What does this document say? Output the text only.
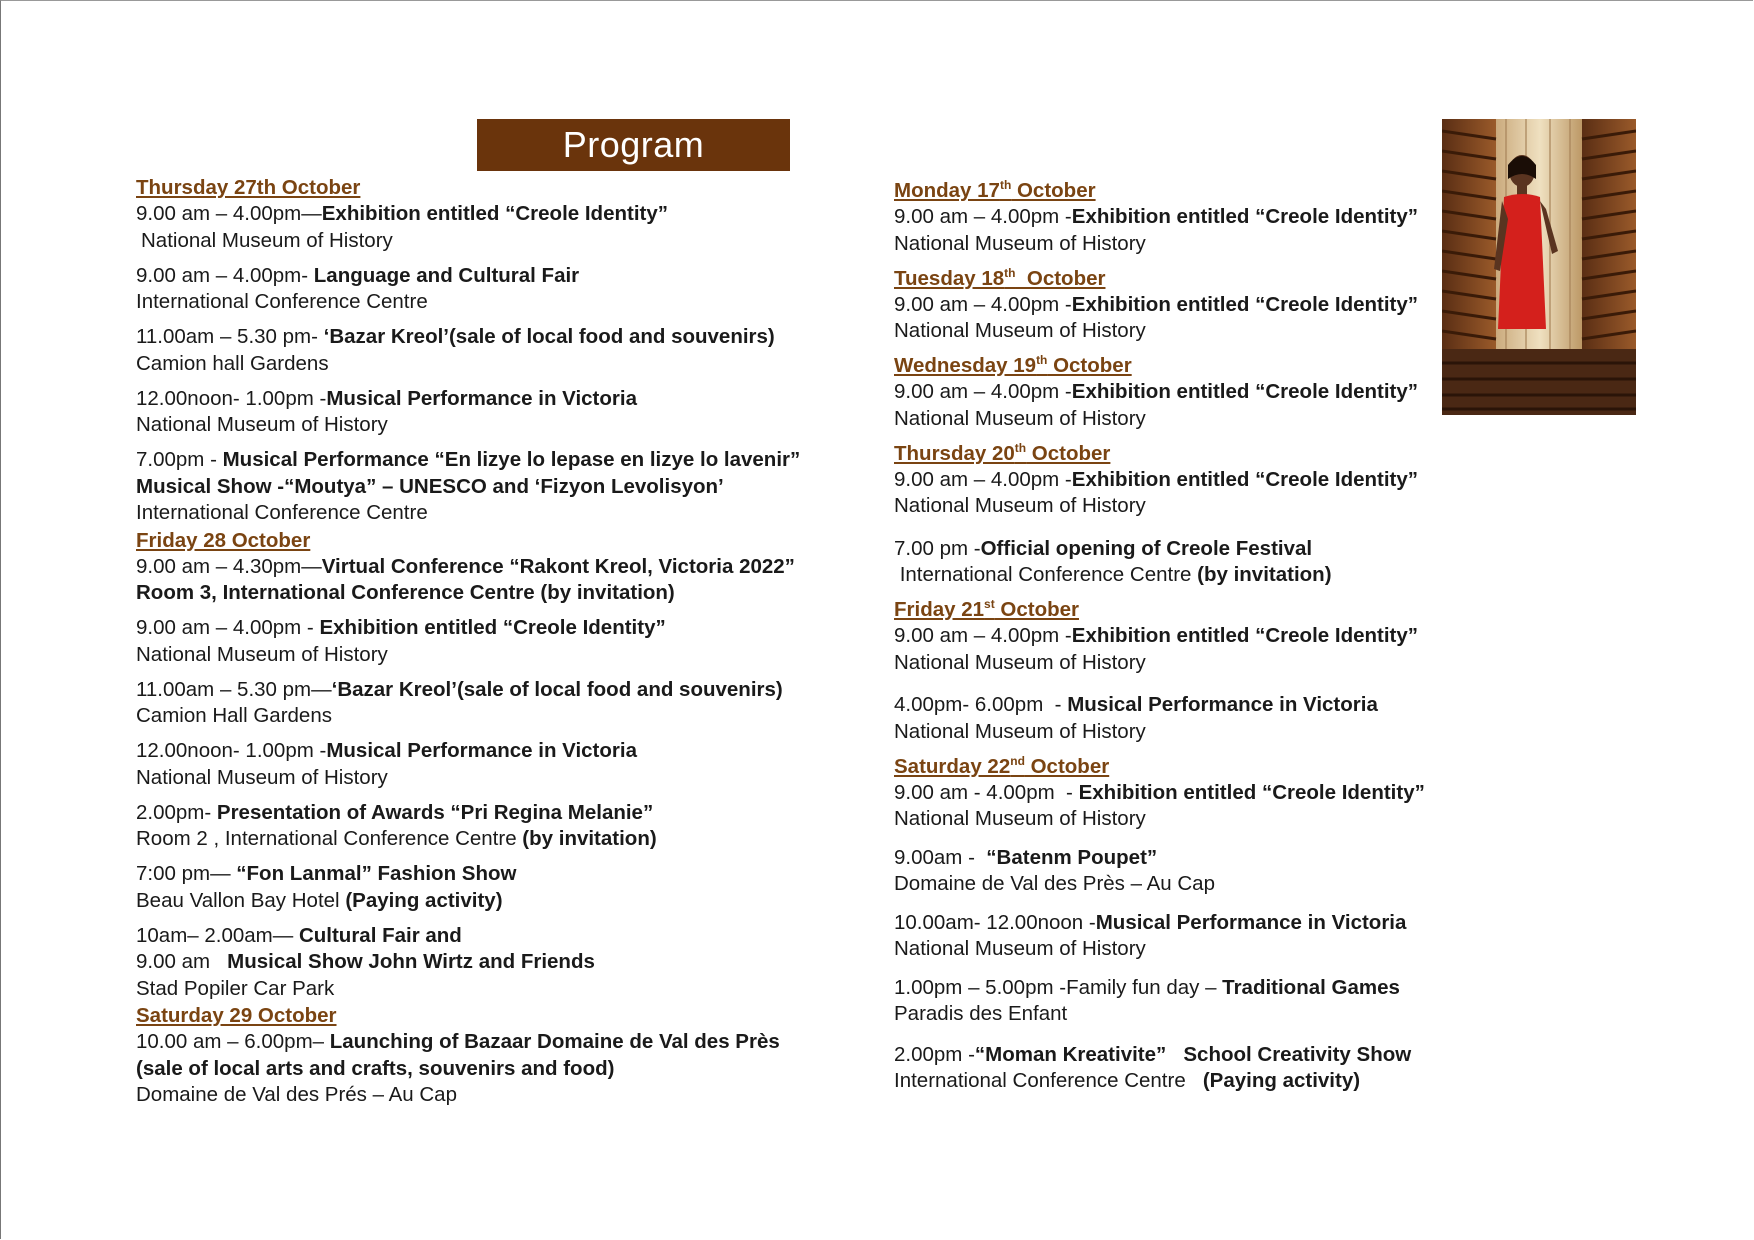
Program
Thursday 27th October
9.00 am – 4.00pm—Exhibition entitled “Creole Identity”
National Museum of History
9.00 am – 4.00pm- Language and Cultural Fair
International Conference Centre
11.00am – 5.30 pm- ‘Bazar Kreol’(sale of local food and souvenirs)
Camion hall Gardens
12.00noon- 1.00pm -Musical Performance in Victoria
National Museum of History
7.00pm - Musical Performance “En lizye lo lepase en lizye lo lavenir”
Musical Show -“Moutya” – UNESCO and ‘Fizyon Levolisyon’
International Conference Centre
Friday 28 October
9.00 am – 4.30pm—Virtual Conference “Rakont Kreol, Victoria 2022”
Room 3, International Conference Centre (by invitation)
9.00 am – 4.00pm - Exhibition entitled “Creole Identity”
National Museum of History
11.00am – 5.30 pm—‘Bazar Kreol’(sale of local food and souvenirs)
Camion Hall Gardens
12.00noon- 1.00pm -Musical Performance in Victoria
National Museum of History
2.00pm- Presentation of Awards “Pri Regina Melanie”
Room 2 , International Conference Centre (by invitation)
7:00 pm— “Fon Lanmal” Fashion Show
Beau Vallon Bay Hotel (Paying activity)
10am– 2.00am— Cultural Fair and
9.00 am   Musical Show John Wirtz and Friends
Stad Popiler Car Park
Saturday 29 October
10.00 am – 6.00pm– Launching of Bazaar Domaine de Val des Près
(sale of local arts and crafts, souvenirs and food)
Domaine de Val des Prés – Au Cap
Monday 17th October
9.00 am – 4.00pm -Exhibition entitled “Creole Identity”
National Museum of History
Tuesday 18th  October
9.00 am – 4.00pm -Exhibition entitled “Creole Identity”
National Museum of History
Wednesday 19th October
9.00 am – 4.00pm -Exhibition entitled “Creole Identity”
National Museum of History
Thursday 20th October
9.00 am – 4.00pm -Exhibition entitled “Creole Identity”
National Museum of History
7.00 pm -Official opening of Creole Festival
International Conference Centre (by invitation)
Friday 21st October
9.00 am – 4.00pm -Exhibition entitled “Creole Identity”
National Museum of History
4.00pm- 6.00pm  - Musical Performance in Victoria
National Museum of History
Saturday 22nd October
9.00 am - 4.00pm  - Exhibition entitled “Creole Identity”
National Museum of History
9.00am -  “Batenm Poupet”
Domaine de Val des Près – Au Cap
10.00am- 12.00noon -Musical Performance in Victoria
National Museum of History
1.00pm – 5.00pm -Family fun day – Traditional Games
Paradis des Enfant
2.00pm -“Moman Kreativite”   School Creativity Show
International Conference Centre   (Paying activity)
